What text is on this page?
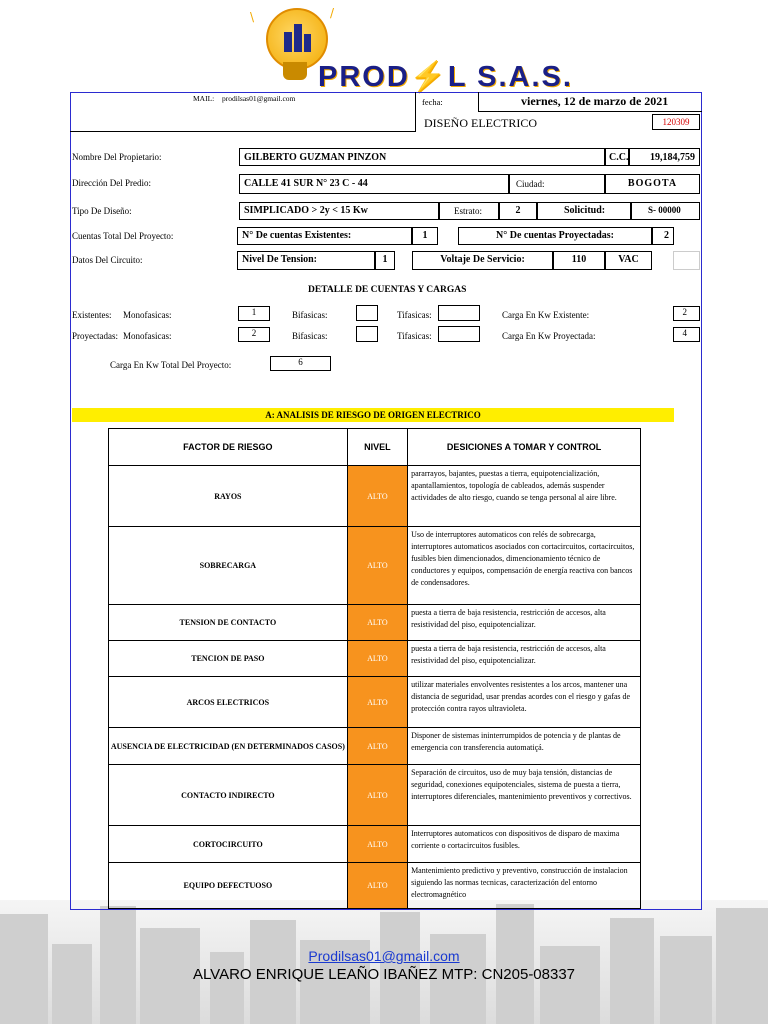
\	/
PROD⚡L S.A.S.
MAIL: prodilsas01@gmail.com	fecha:	viernes, 12 de marzo de 2021
DISEÑO ELECTRICO	120309
Nombre Del Propietario:	GILBERTO GUZMAN PINZON	C.C.	19,184,759
Dirección Del Predio:	CALLE 41 SUR N° 23 C - 44	Ciudad:	BOGOTA
Tipo De Diseño:	SIMPLICADO > 2y < 15 Kw	Estrato:	2	Solicitud:	S- 00000
Cuentas Total Del Proyecto:	N° De cuentas Existentes:	1	N° De cuentas Proyectadas:	2
Datos Del Circuito:	Nivel De Tension:	1	Voltaje De Servicio:	110	VAC
DETALLE DE CUENTAS Y CARGAS
Existentes: Monofasicas:	1	Bifasicas:	Tifasicas:	Carga En Kw Existente:	2
Proyectadas: Monofasicas:	2	Bifasicas:	Tifasicas:	Carga En Kw Proyectada:	4
Carga En Kw Total Del Proyecto:	6
A: ANALISIS DE RIESGO DE ORIGEN ELECTRICO
FACTOR DE RIESGO	NIVEL	DESICIONES A TOMAR Y CONTROL
RAYOS	ALTO	pararrayos, bajantes, puestas a tierra, equipotencialización, apantallamientos, topología de cableados, además suspender actividades de alto riesgo, cuando se tenga personal al aire libre.
SOBRECARGA	ALTO	Uso de interruptores automaticos con relés de sobrecarga, interruptores automaticos asociados con cortacircuitos, cortacircuitos, fusibles bien dimencionados, dimencionamiento técnico de conductores y equipos, compensación de energía reactiva con bancos de condensadores.
TENSION DE CONTACTO	ALTO	puesta a tierra de baja resistencia, restricción de accesos, alta resistividad del piso, equipotencializar.
TENCION DE PASO	ALTO	puesta a tierra de baja resistencia, restricción de accesos, alta resistividad del piso, equipotencializar.
ARCOS ELECTRICOS	ALTO	utilizar materiales envolventes resistentes a los arcos, mantener una distancia de seguridad, usar prendas acordes con el riesgo y gafas de protección contra rayos ultravioleta.
AUSENCIA DE ELECTRICIDAD (EN DETERMINADOS CASOS)	ALTO	Disponer de sistemas ininterrumpidos de potencia y de plantas de emergencia con transferencia automatiçá.
CONTACTO INDIRECTO	ALTO	Separación de circuitos, uso de muy baja tensión, distancias de seguridad, conexiones equipotenciales, sistema de puesta a tierra, interruptores diferenciales, mantenimiento preventivos y correctivos.
CORTOCIRCUITO	ALTO	Interruptores automaticos con dispositivos de disparo de maxima corriente o cortacircuitos fusibles.
EQUIPO DEFECTUOSO	ALTO	Mantenimiento predictivo y preventivo, construcción de instalacion siguiendo las normas tecnicas, caracterización del entorno electromagnético
Prodilsas01@gmail.com
ALVARO ENRIQUE LEAÑO IBAÑEZ MTP: CN205-08337
